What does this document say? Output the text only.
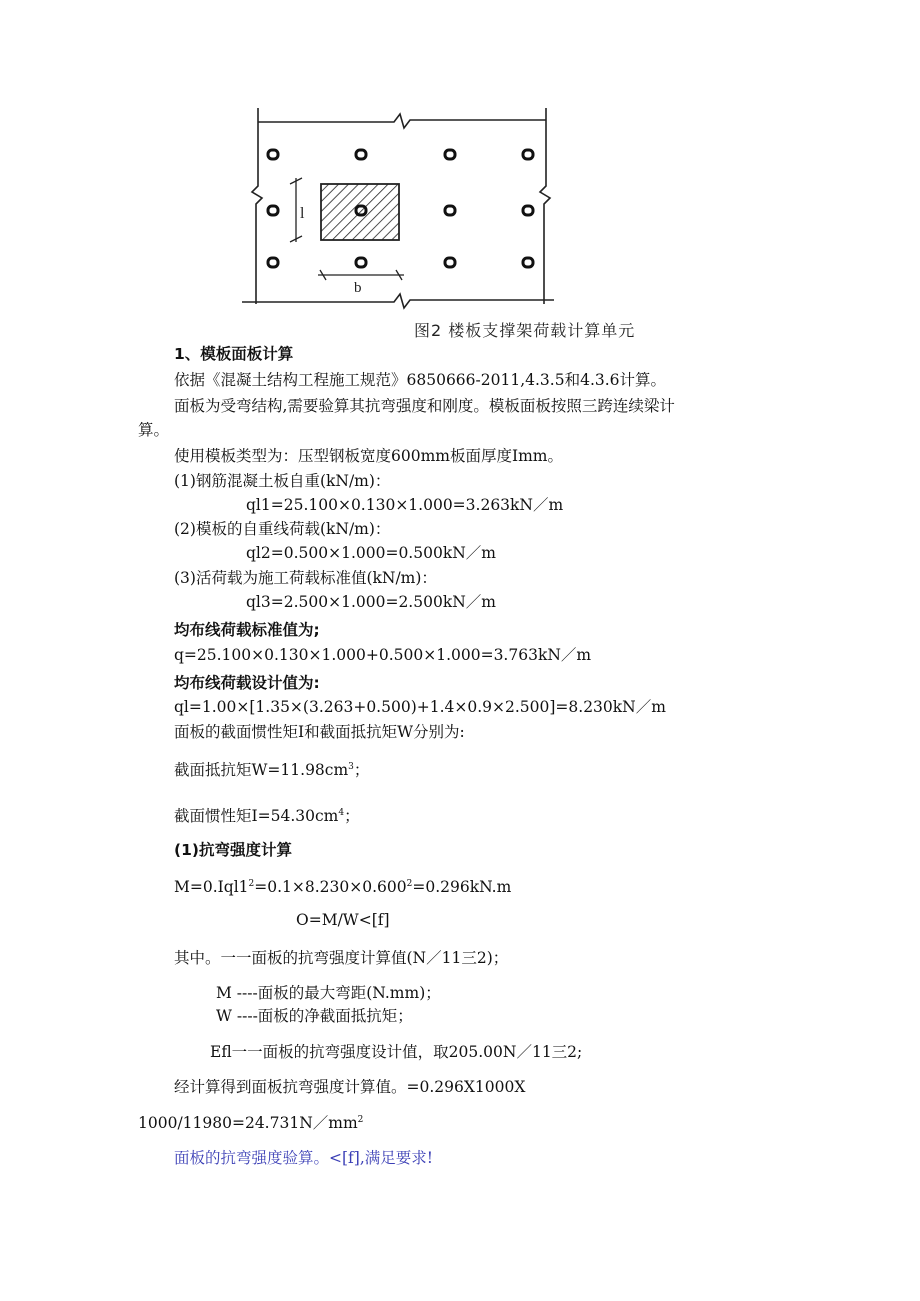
l
b
图2 楼板支撑架荷载计算单元
1、模板面板计算
依据《混凝土结构工程施工规范》6850666-2011,4.3.5和4.3.6计算。
面板为受弯结构,需要验算其抗弯强度和刚度。模板面板按照三跨连续梁计
算。
使用模板类型为：压型钢板宽度600mm板面厚度Imm。
(1)钢筋混凝土板自重(kN/m)：
ql1=25.100×0.130×1.000=3.263kN／m
(2)模板的自重线荷载(kN/m)：
ql2=0.500×1.000=0.500kN／m
(3)活荷载为施工荷载标准值(kN/m)：
ql3=2.500×1.000=2.500kN／m
均布线荷载标准值为;
q=25.100×0.130×1.000+0.500×1.000=3.763kN／m
均布线荷载设计值为:
ql=1.00×[1.35×(3.263+0.500)+1.4×0.9×2.500]=8.230kN／m
面板的截面惯性矩I和截面抵抗矩W分别为:
截面抵抗矩$W=11.98cm^3$；
截面惯性矩$I=54.30cm^4$；
(1)抗弯强度计算
$M=0.Iql1^2=0.1\times 8.230\times 0.600^2=0.296kN.m$
O=M/W<[f]
其中。一一面板的抗弯强度计算值(N／11三2)；
M ----面板的最大弯距(N.mm)；
W ----面板的净截面抵抗矩；
Efl一一面板的抗弯强度设计值，取205.00N／11三2;
经计算得到面板抗弯强度计算值。=0.296X1000X
$1000/11980=24.731N/mm^2$
面板的抗弯强度验算。<[f],满足要求!
